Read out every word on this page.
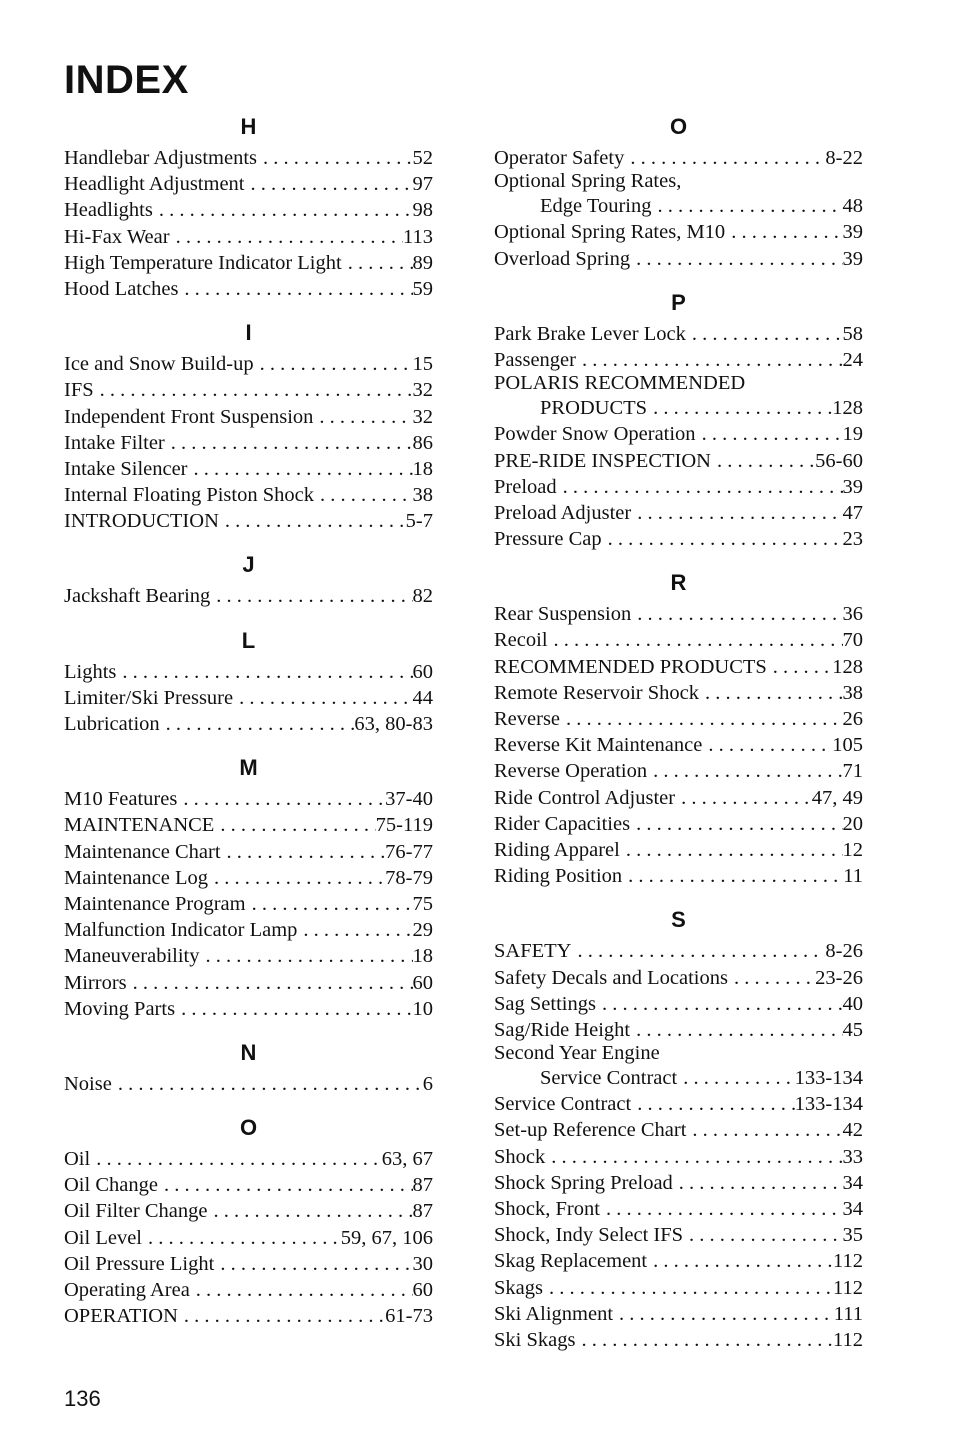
INDEX
H
Handlebar Adjustments . . .	52
Headlight Adjustment . . .	97
Headlights . . .	98
Hi-Fax Wear . . .	113
High Temperature Indicator Light . . .	89
Hood Latches . . .	59
I
Ice and Snow Build-up . . .	15
IFS . . .	32
Independent Front Suspension . . .	32
Intake Filter . . .	86
Intake Silencer . . .	18
Internal Floating Piston Shock . . .	38
INTRODUCTION . . .	5-7
J
Jackshaft Bearing . . .	82
L
Lights . . .	60
Limiter/Ski Pressure . . .	44
Lubrication . . .	63, 80-83
M
M10 Features . . .	37-40
MAINTENANCE . . .	75-119
Maintenance Chart . . .	76-77
Maintenance Log . . .	78-79
Maintenance Program . . .	75
Malfunction Indicator Lamp . . .	29
Maneuverability . . .	18
Mirrors . . .	60
Moving Parts . . .	10
N
Noise . . .	6
O
Oil . . .	63, 67
Oil Change . . .	87
Oil Filter Change . . .	87
Oil Level . . .	59, 67, 106
Oil Pressure Light . . .	30
Operating Area . . .	60
OPERATION . . .	61-73
O
Operator Safety . . .	8-22
Optional Spring Rates,
Edge Touring . . .	48
Optional Spring Rates, M10 . . .	39
Overload Spring . . .	39
P
Park Brake Lever Lock . . .	58
Passenger . . .	24
POLARIS RECOMMENDED
PRODUCTS . . .	128
Powder Snow Operation . . .	19
PRE-RIDE INSPECTION . . .	56-60
Preload . . .	39
Preload Adjuster . . .	47
Pressure Cap . . .	23
R
Rear Suspension . . .	36
Recoil . . .	70
RECOMMENDED PRODUCTS . . .	128
Remote Reservoir Shock . . .	38
Reverse . . .	26
Reverse Kit Maintenance . . .	105
Reverse Operation . . .	71
Ride Control Adjuster . . .	47, 49
Rider Capacities . . .	20
Riding Apparel . . .	12
Riding Position . . .	11
S
SAFETY . . .	8-26
Safety Decals and Locations . . .	23-26
Sag Settings . . .	40
Sag/Ride Height . . .	45
Second Year Engine
Service Contract . . .	133-134
Service Contract . . .	133-134
Set-up Reference Chart . . .	42
Shock . . .	33
Shock Spring Preload . . .	34
Shock, Front . . .	34
Shock, Indy Select IFS . . .	35
Skag Replacement . . .	112
Skags . . .	112
Ski Alignment . . .	111
Ski Skags . . .	112
136
